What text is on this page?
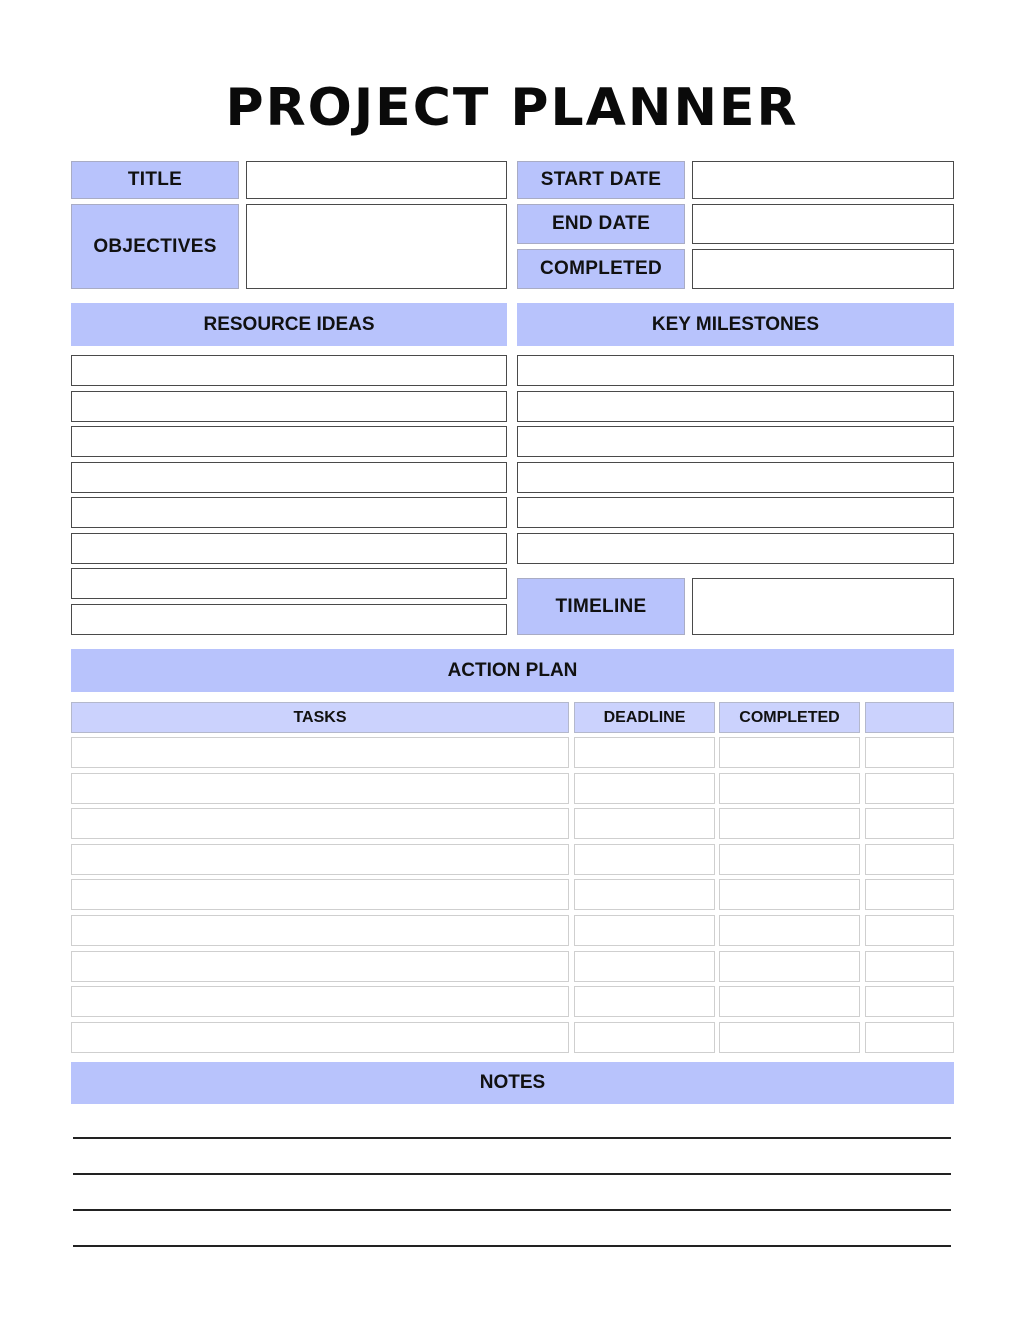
PROJECT PLANNER
TITLE
OBJECTIVES
START DATE
END DATE
COMPLETED
RESOURCE IDEAS	KEY MILESTONES
TIMELINE
ACTION PLAN
TASKS	DEADLINE	COMPLETED
NOTES
